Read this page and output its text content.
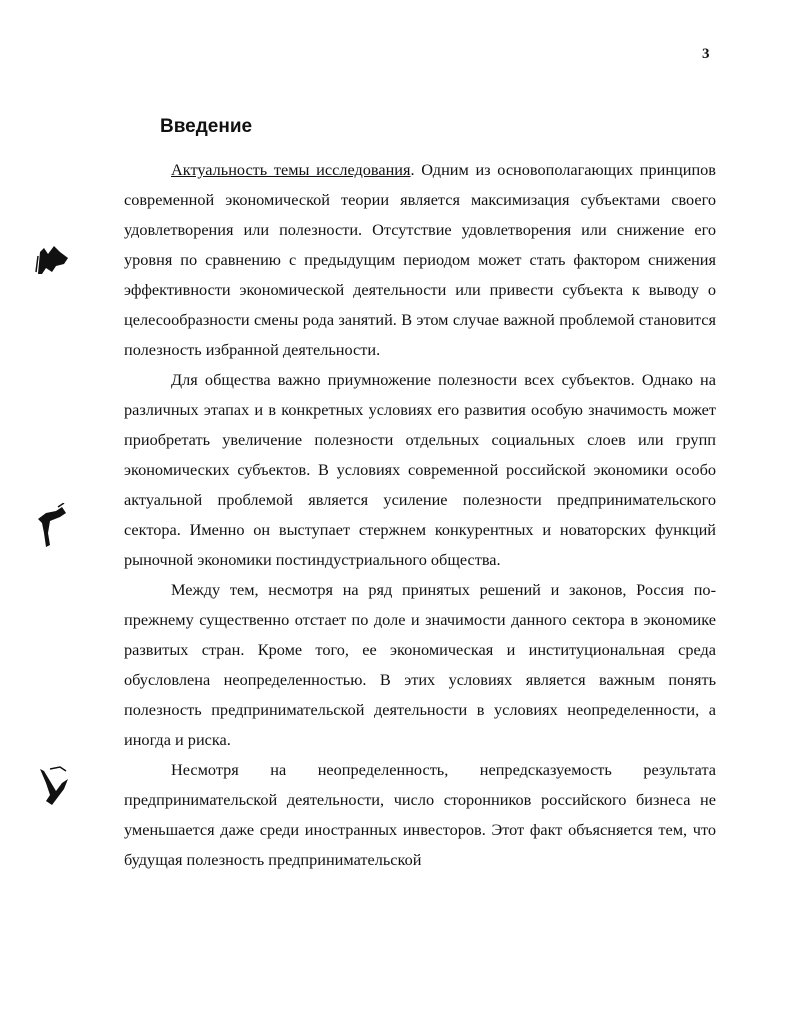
3
Введение

Актуальность темы исследования. Одним из основополагающих принципов современной экономической теории является максимизация субъектами своего удовлетворения или полезности. Отсутствие удовлетворения или снижение его уровня по сравнению с предыдущим периодом может стать фактором снижения эффективности экономической деятельности или привести субъекта к выводу о целесообразности смены рода занятий. В этом случае важной проблемой становится полезность избранной деятельности.

Для общества важно приумножение полезности всех субъектов. Однако на различных этапах и в конкретных условиях его развития особую значимость может приобретать увеличение полезности отдельных социальных слоев или групп экономических субъектов. В условиях современной российской экономики особо актуальной проблемой является усиление полезности предпринимательского сектора. Именно он выступает стержнем конкурентных и новаторских функций рыночной экономики постиндустриального общества.

Между тем, несмотря на ряд принятых решений и законов, Россия по-прежнему существенно отстает по доле и значимости данного сектора в экономике развитых стран. Кроме того, ее экономическая и институциональная среда обусловлена неопределенностью. В этих условиях является важным понять полезность предпринимательской деятельности в условиях неопределенности, а иногда и риска.

Несмотря на неопределенность, непредсказуемость результата предпринимательской деятельности, число сторонников российского бизнеса не уменьшается даже среди иностранных инвесторов. Этот факт объясняется тем, что будущая полезность предпринимательской
